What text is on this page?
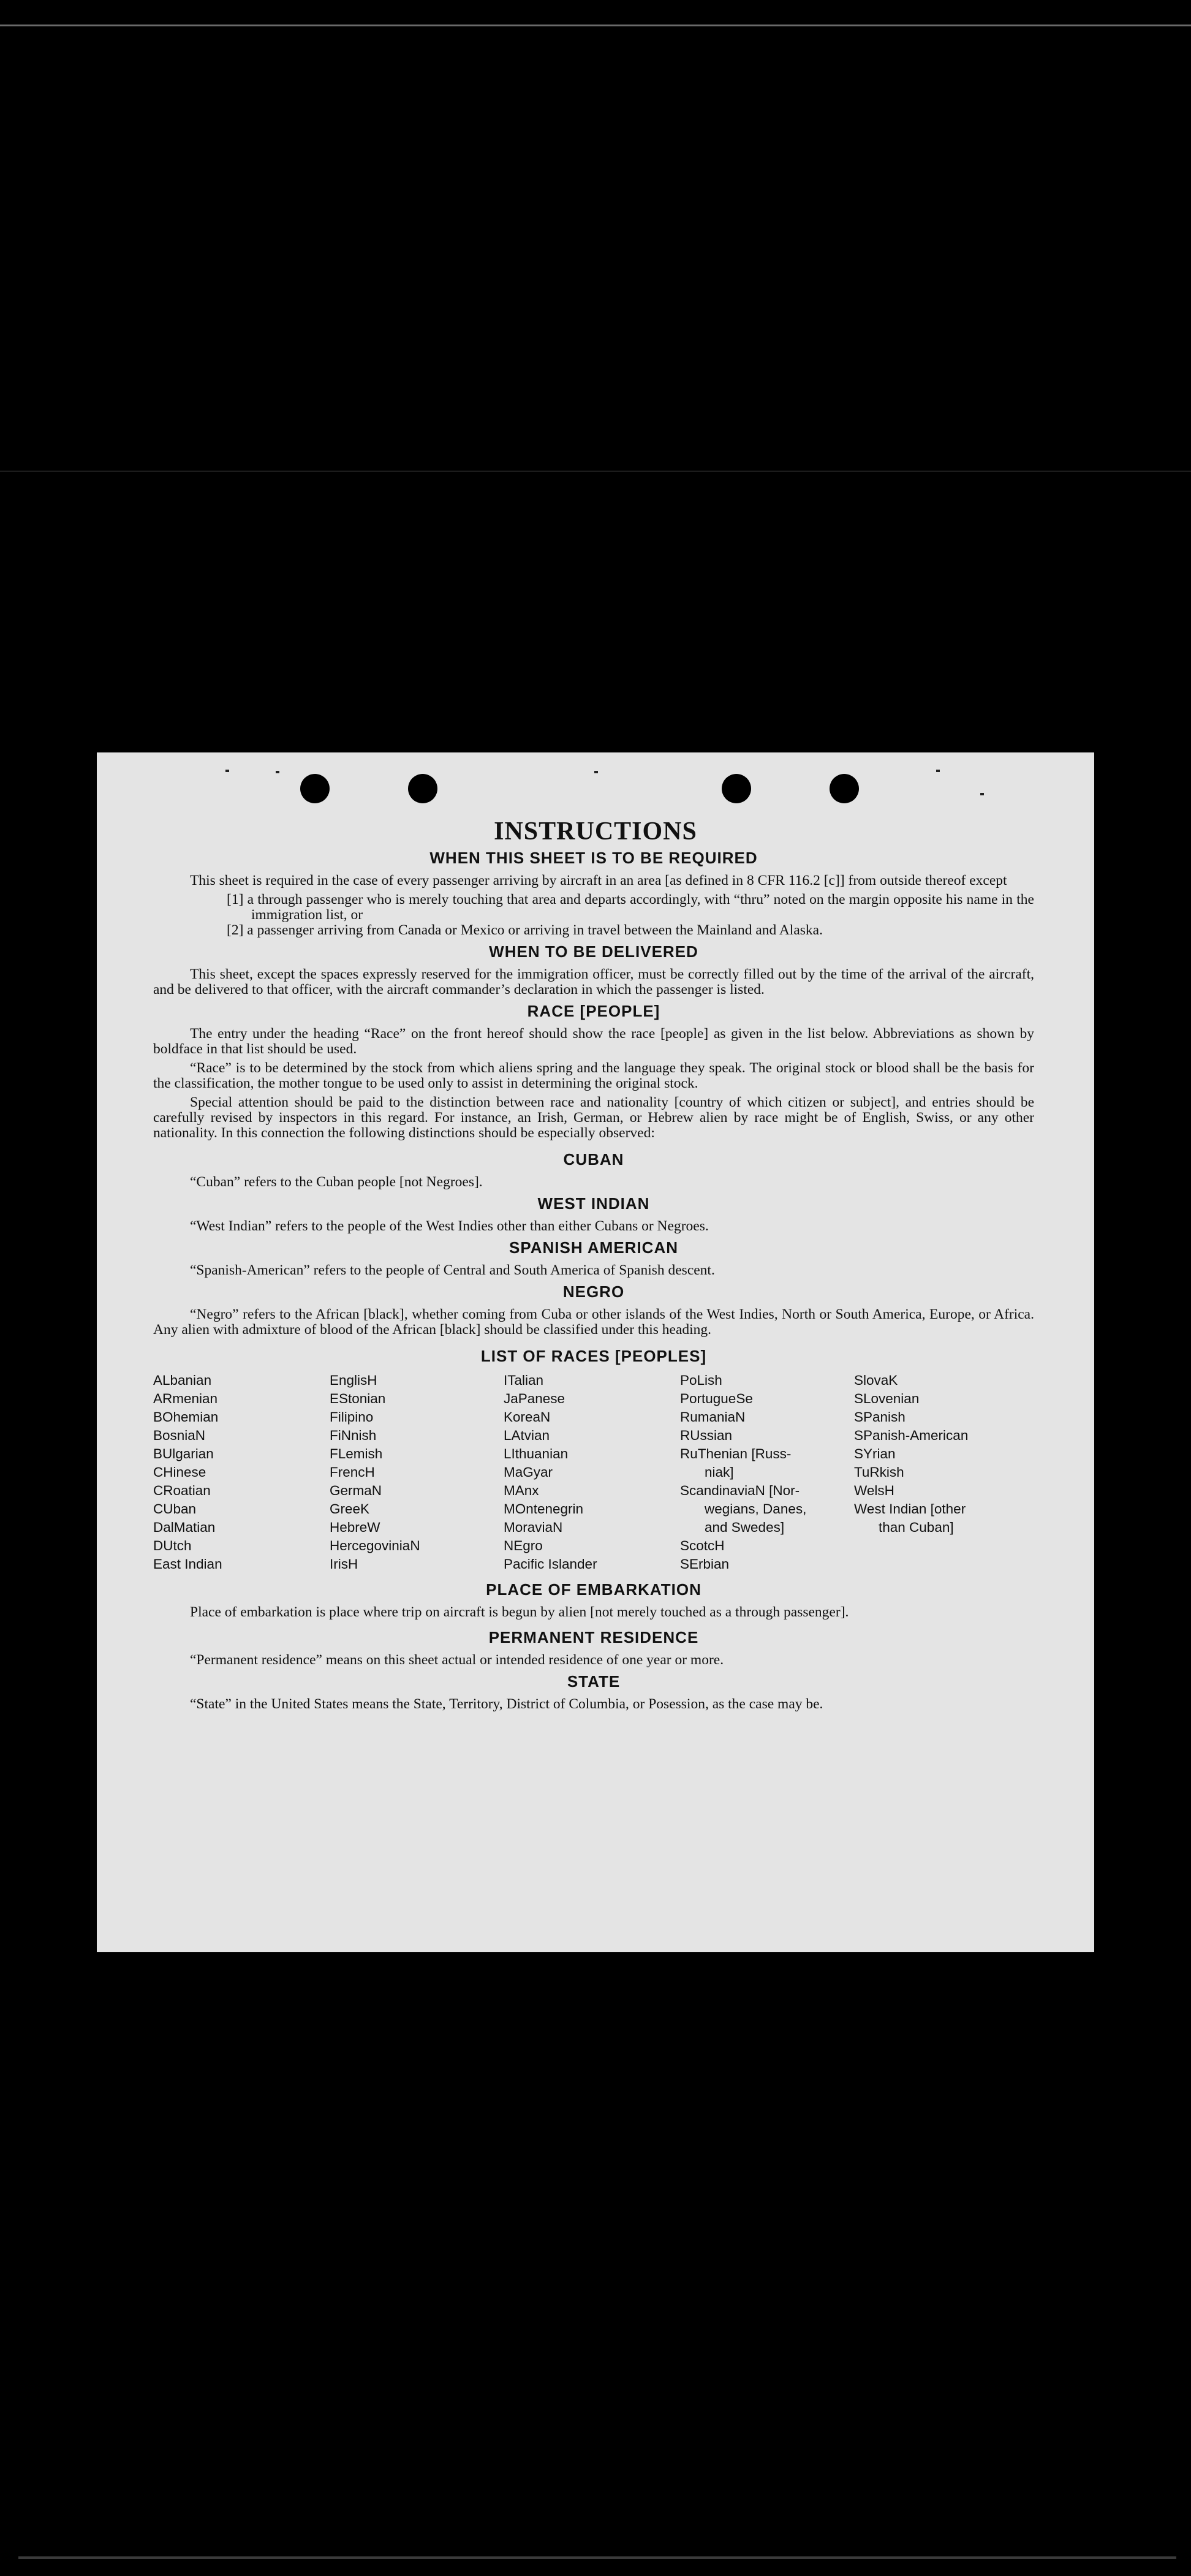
INSTRUCTIONS
WHEN THIS SHEET IS TO BE REQUIRED

This sheet is required in the case of every passenger arriving by aircraft in an area [as defined in 8 CFR 116.2 [c]] from outside thereof except

[1] a through passenger who is merely touching that area and departs accordingly, with “thru” noted on the margin opposite his name in the immigration list, or
[2] a passenger arriving from Canada or Mexico or arriving in travel between the Mainland and Alaska.
WHEN TO BE DELIVERED

This sheet, except the spaces expressly reserved for the immigration officer, must be correctly filled out by the time of the arrival of the aircraft, and be delivered to that officer, with the aircraft commander’s declaration in which the passenger is listed.

RACE [PEOPLE]

The entry under the heading “Race” on the front hereof should show the race [people] as given in the list below. Abbreviations as shown by boldface in that list should be used.

“Race” is to be determined by the stock from which aliens spring and the language they speak. The original stock or blood shall be the basis for the classification, the mother tongue to be used only to assist in determining the original stock.

Special attention should be paid to the distinction between race and nationality [country of which citizen or subject], and entries should be carefully revised by inspectors in this regard. For instance, an Irish, German, or Hebrew alien by race might be of English, Swiss, or any other nationality. In this connection the following distinctions should be especially observed:

CUBAN

“Cuban” refers to the Cuban people [not Negroes].

WEST INDIAN

“West Indian” refers to the people of the West Indies other than either Cubans or Negroes.

SPANISH AMERICAN

“Spanish-American” refers to the people of Central and South America of Spanish descent.

NEGRO

“Negro” refers to the African [black], whether coming from Cuba or other islands of the West Indies, North or South America, Europe, or Africa. Any alien with admixture of blood of the African [black] should be classified under this heading.

LIST OF RACES [PEOPLES]
ALbanian
ARmenian
BOhemian
BosniaN
BUlgarian
CHinese
CRoatian
CUban
DalMatian
DUtch
East Indian
EnglisH
EStonian
Filipino
FiNnish
FLemish
FrencH
GermaN
GreeK
HebreW
HercegoviniaN
IrisH
ITalian
JaPanese
KoreaN
LAtvian
LIthuanian
MaGyar
MAnx
MOntenegrin
MoraviaN
NEgro
Pacific Islander
PoLish
PortugueSe
RumaniaN
RUssian
RuThenian [Russ-
niak]
ScandinaviaN [Nor-
wegians, Danes,
and Swedes]
ScotcH
SErbian
SlovaK
SLovenian
SPanish
SPanish-American
SYrian
TuRkish
WelsH
West Indian [other
than Cuban]
PLACE OF EMBARKATION

Place of embarkation is place where trip on aircraft is begun by alien [not merely touched as a through passenger].

PERMANENT RESIDENCE

“Permanent residence” means on this sheet actual or intended residence of one year or more.

STATE

“State” in the United States means the State, Territory, District of Columbia, or Posession, as the case may be.
